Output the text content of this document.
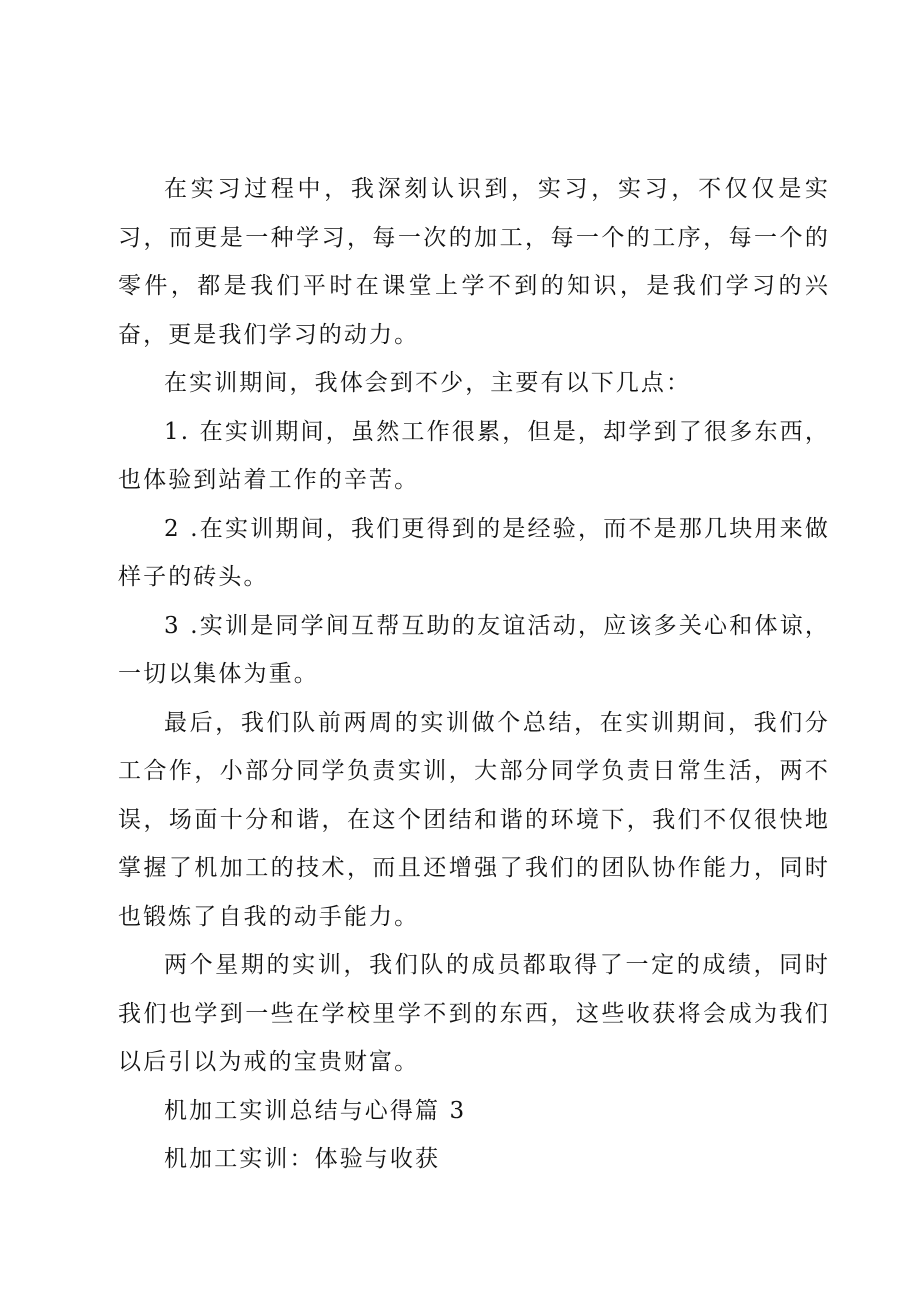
在实习过程中，我深刻认识到，实习，实习，不仅仅是实习，而更是一种学习，每一次的加工，每一个的工序，每一个的零件，都是我们平时在课堂上学不到的知识，是我们学习的兴奋，更是我们学习的动力。

在实训期间，我体会到不少，主要有以下几点：

1. 在实训期间，虽然工作很累，但是，却学到了很多东西，也体验到站着工作的辛苦。

2 .在实训期间，我们更得到的是经验，而不是那几块用来做样子的砖头。

3 .实训是同学间互帮互助的友谊活动，应该多关心和体谅，一切以集体为重。

最后，我们队前两周的实训做个总结，在实训期间，我们分工合作，小部分同学负责实训，大部分同学负责日常生活，两不误，场面十分和谐，在这个团结和谐的环境下，我们不仅很快地掌握了机加工的技术，而且还增强了我们的团队协作能力，同时也锻炼了自我的动手能力。

两个星期的实训，我们队的成员都取得了一定的成绩，同时我们也学到一些在学校里学不到的东西，这些收获将会成为我们以后引以为戒的宝贵财富。

机加工实训总结与心得篇 3

机加工实训：体验与收获
